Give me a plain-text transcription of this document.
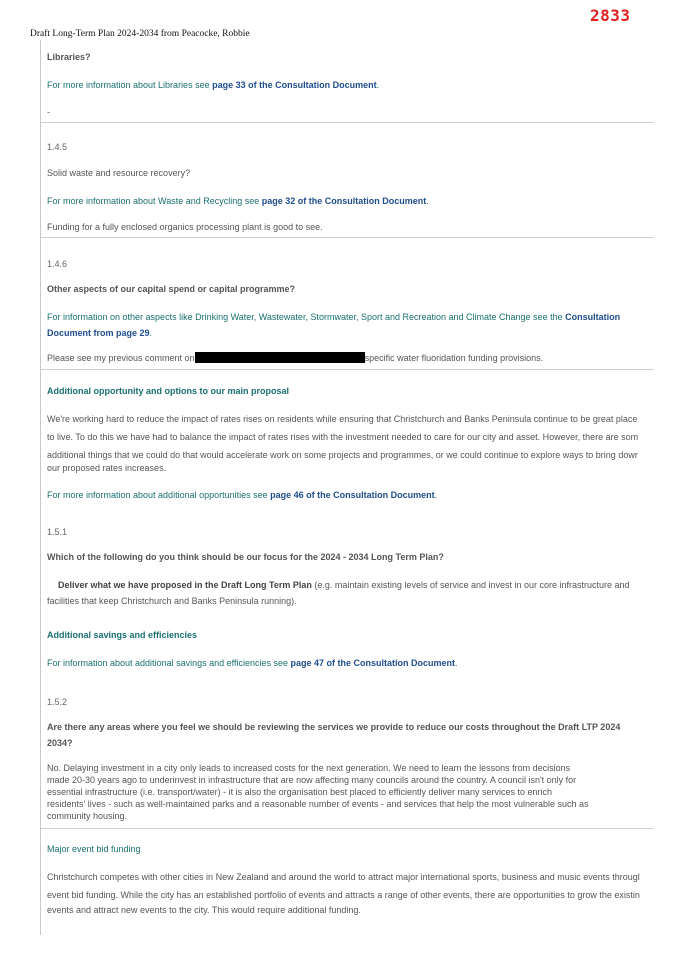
2833
Draft Long-Term Plan 2024-2034 from Peacocke, Robbie
Libraries?
For more information about Libraries see page 33 of the Consultation Document.
-
1.4.5
Solid waste and resource recovery?
For more information about Waste and Recycling see page 32 of the Consultation Document.
Funding for a fully enclosed organics processing plant is good to see.
1.4.6
Other aspects of our capital spend or capital programme?
For information on other aspects like Drinking Water, Wastewater, Stormwater, Sport and Recreation and Climate Change see the Consultation
Document from page 29.
Please see my previous comment on	specific water fluoridation funding provisions.
Additional opportunity and options to our main proposal
We're working hard to reduce the impact of rates rises on residents while ensuring that Christchurch and Banks Peninsula continue to be great place
to live. To do this we have had to balance the impact of rates rises with the investment needed to care for our city and asset. However, there are som
additional things that we could do that would accelerate work on some projects and programmes, or we could continue to explore ways to bring dowr
our proposed rates increases.
For more information about additional opportunities see page 46 of the Consultation Document.
1.5.1
Which of the following do you think should be our focus for the 2024 - 2034 Long Term Plan?
Deliver what we have proposed in the Draft Long Term Plan (e.g. maintain existing levels of service and invest in our core infrastructure and
facilities that keep Christchurch and Banks Peninsula running).
Additional savings and efficiencies
For information about additional savings and efficiencies see page 47 of the Consultation Document.
1.5.2
Are there any areas where you feel we should be reviewing the services we provide to reduce our costs throughout the Draft LTP 2024
2034?
No. Delaying investment in a city only leads to increased costs for the next generation. We need to learn the lessons from decisions
made 20-30 years ago to underinvest in infrastructure that are now affecting many councils around the country. A council isn't only for
essential infrastructure (i.e. transport/water) - it is also the organisation best placed to efficiently deliver many services to enrich
residents' lives - such as well-maintained parks and a reasonable number of events - and services that help the most vulnerable such as
community housing.
Major event bid funding
Christchurch competes with other cities in New Zealand and around the world to attract major international sports, business and music events througl
event bid funding. While the city has an established portfolio of events and attracts a range of other events, there are opportunities to grow the existin
events and attract new events to the city. This would require additional funding.
